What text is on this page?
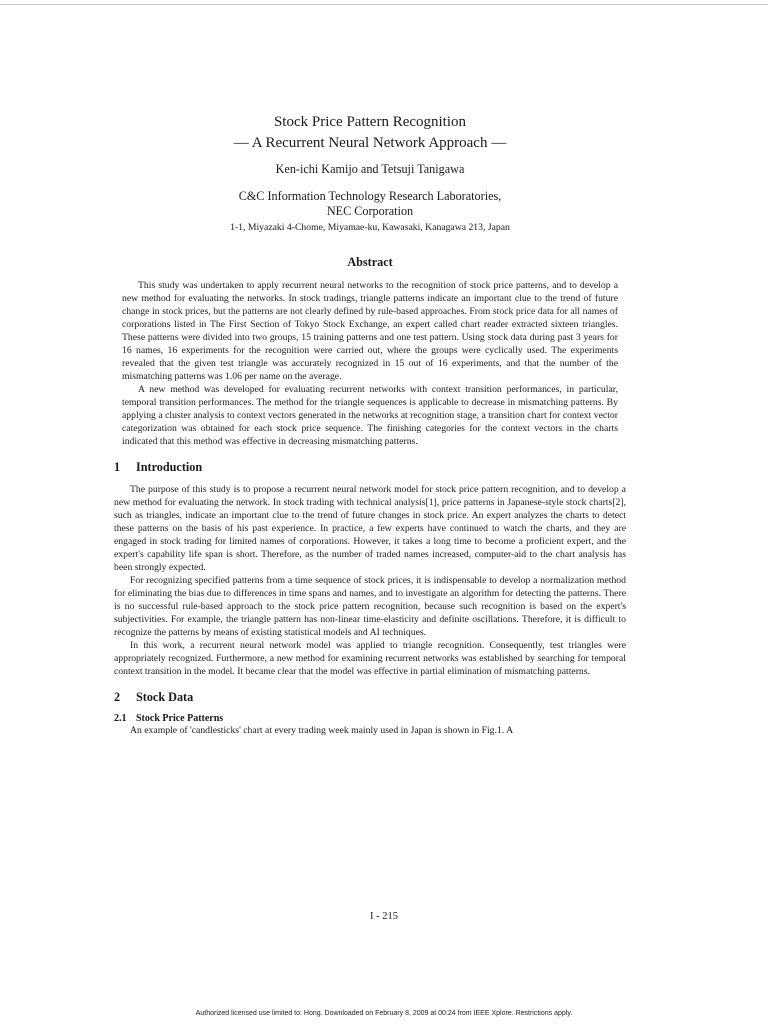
Stock Price Pattern Recognition
— A Recurrent Neural Network Approach —
Ken-ichi Kamijo and Tetsuji Tanigawa
C&C Information Technology Research Laboratories,
NEC Corporation
1-1, Miyazaki 4-Chome, Miyamae-ku, Kawasaki, Kanagawa 213, Japan
Abstract

This study was undertaken to apply recurrent neural networks to the recognition of stock price patterns, and to develop a new method for evaluating the networks. In stock tradings, triangle patterns indicate an important clue to the trend of future change in stock prices, but the patterns are not clearly defined by rule-based approaches. From stock price data for all names of corporations listed in The First Section of Tokyo Stock Exchange, an expert called chart reader extracted sixteen triangles. These patterns were divided into two groups, 15 training patterns and one test pattern. Using stock data during past 3 years for 16 names, 16 experiments for the recognition were carried out, where the groups were cyclically used. The experiments revealed that the given test triangle was accurately recognized in 15 out of 16 experiments, and that the number of the mismatching patterns was 1.06 per name on the average.

A new method was developed for evaluating recurrent networks with context transition performances, in particular, temporal transition performances. The method for the triangle sequences is applicable to decrease in mismatching patterns. By applying a cluster analysis to context vectors generated in the networks at recognition stage, a transition chart for context vector categorization was obtained for each stock price sequence. The finishing categories for the context vectors in the charts indicated that this method was effective in decreasing mismatching patterns.

1 Introduction

The purpose of this study is to propose a recurrent neural network model for stock price pattern recognition, and to develop a new method for evaluating the network. In stock trading with technical analysis[1], price patterns in Japanese-style stock charts[2], such as triangles, indicate an important clue to the trend of future changes in stock price. An expert analyzes the charts to detect these patterns on the basis of his past experience. In practice, a few experts have continued to watch the charts, and they are engaged in stock trading for limited names of corporations. However, it takes a long time to become a proficient expert, and the expert's capability life span is short. Therefore, as the number of traded names increased, computer-aid to the chart analysis has been strongly expected.

For recognizing specified patterns from a time sequence of stock prices, it is indispensable to develop a normalization method for eliminating the bias due to differences in time spans and names, and to investigate an algorithm for detecting the patterns. There is no successful rule-based approach to the stock price pattern recognition, because such recognition is based on the expert's subjectivities. For example, the triangle pattern has non-linear time-elasticity and definite oscillations. Therefore, it is difficult to recognize the patterns by means of existing statistical models and AI techniques.

In this work, a recurrent neural network model was applied to triangle recognition. Consequently, test triangles were appropriately recognized. Furthermore, a new method for examining recurrent networks was established by searching for temporal context transition in the model. It became clear that the model was effective in partial elimination of mismatching patterns.

2 Stock Data
2.1 Stock Price Patterns

An example of 'candlesticks' chart at every trading week mainly used in Japan is shown in Fig.1. A

I - 215
Authorized licensed use limited to: Hong. Downloaded on February 8, 2009 at 00:24 from IEEE Xplore. Restrictions apply.
